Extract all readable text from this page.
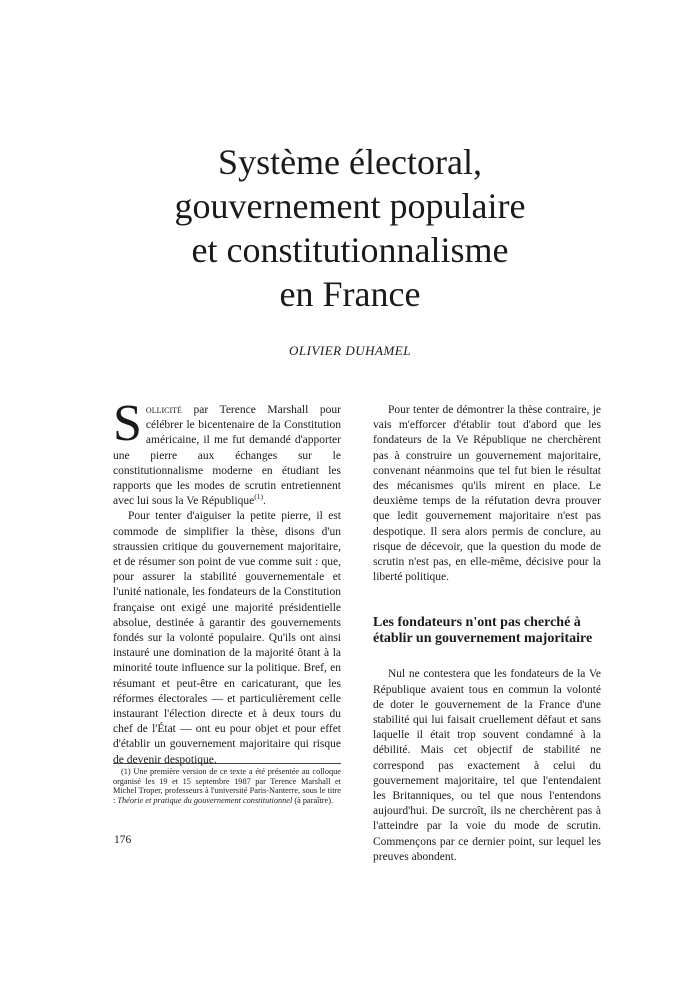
Système électoral,
gouvernement populaire
et constitutionnalisme
en France
OLIVIER DUHAMEL

Sollicité par Terence Marshall pour célébrer le bicentenaire de la Constitution américaine, il me fut demandé d'apporter une pierre aux échanges sur le constitutionnalisme moderne en étudiant les rapports que les modes de scrutin entretiennent avec lui sous la Ve République$^{(1)}$.

Pour tenter d'aiguiser la petite pierre, il est commode de simplifier la thèse, disons d'un straussien critique du gouvernement majoritaire, et de résumer son point de vue comme suit : que, pour assurer la stabilité gouvernementale et l'unité nationale, les fondateurs de la Constitution française ont exigé une majorité présidentielle absolue, destinée à garantir des gouvernements fondés sur la volonté populaire. Qu'ils ont ainsi instauré une domination de la majorité ôtant à la minorité toute influence sur la politique. Bref, en résumant et peut-être en caricaturant, que les réformes électorales — et particulièrement celle instaurant l'élection directe et à deux tours du chef de l'État — ont eu pour objet et pour effet d'établir un gouvernement majoritaire qui risque de devenir despotique.

Pour tenter de démontrer la thèse contraire, je vais m'efforcer d'établir tout d'abord que les fondateurs de la Ve République ne cherchèrent pas à construire un gouvernement majoritaire, convenant néanmoins que tel fut bien le résultat des mécanismes qu'ils mirent en place. Le deuxième temps de la réfutation devra prouver que ledit gouvernement majoritaire n'est pas despotique. Il sera alors permis de conclure, au risque de décevoir, que la question du mode de scrutin n'est pas, en elle-même, décisive pour la liberté politique.

Les fondateurs n'ont pas cherché à établir un gouvernement majoritaire

Nul ne contestera que les fondateurs de la Ve République avaient tous en commun la volonté de doter le gouvernement de la France d'une stabilité qui lui faisait cruellement défaut et sans laquelle il était trop souvent condamné à la débilité. Mais cet objectif de stabilité ne correspond pas exactement à celui du gouvernement majoritaire, tel que l'entendaient les Britanniques, ou tel que nous l'entendons aujourd'hui. De surcroît, ils ne cherchèrent pas à l'atteindre par la voie du mode de scrutin. Commençons par ce dernier point, sur lequel les preuves abondent.

(1) Une première version de ce texte a été présentée au colloque organisé les 19 et 15 septembre 1987 par Terence Marshall et Michel Troper, professeurs à l'université Paris-Nanterre, sous le titre : Théorie et pratique du gouvernement constitutionnel (à paraître).

176
